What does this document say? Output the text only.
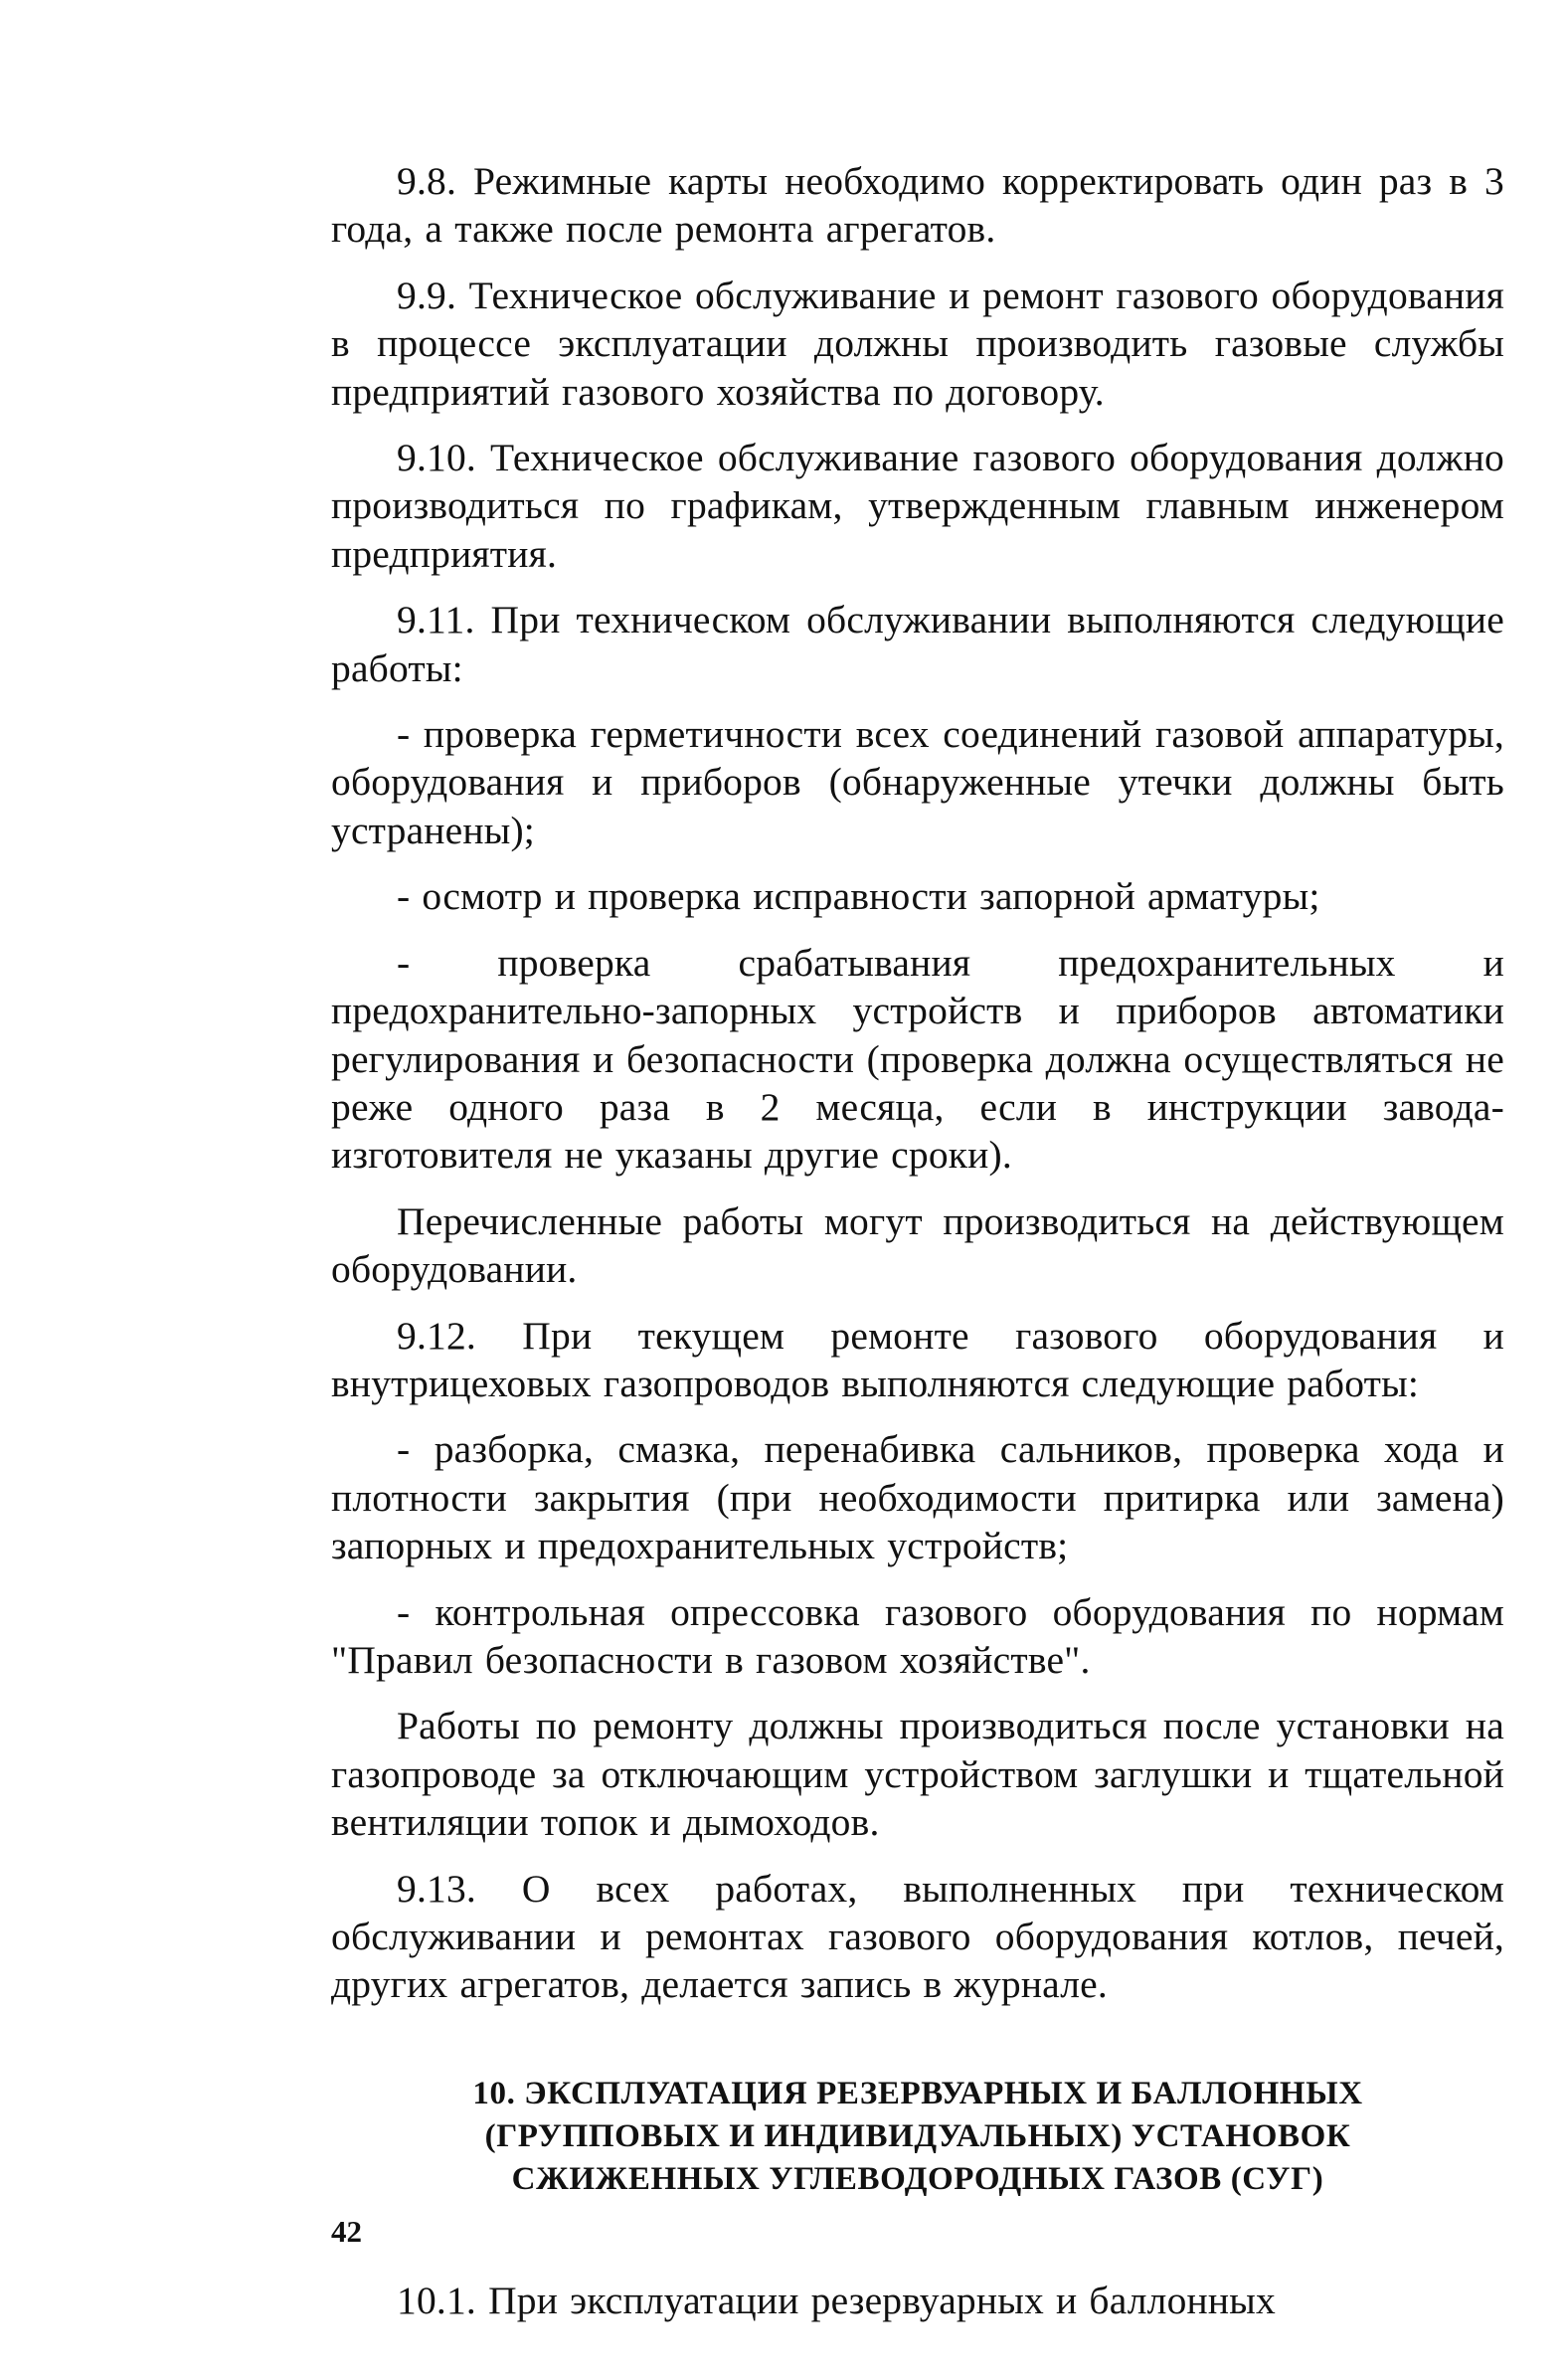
9.8. Режимные карты необходимо корректировать один раз в 3 года, а также после ремонта агрегатов.

9.9. Техническое обслуживание и ремонт газового оборудования в процессе эксплуатации должны производить газовые службы предприятий газового хозяйства по договору.

9.10. Техническое обслуживание газового оборудования должно производиться по графикам, утвержденным главным инженером предприятия.

9.11. При техническом обслуживании выполняются следующие работы:

- проверка герметичности всех соединений газовой аппаратуры, оборудования и приборов (обнаруженные утечки должны быть устранены);

- осмотр и проверка исправности запорной арматуры;

- проверка срабатывания предохранительных и предохранительно-запорных устройств и приборов автоматики регулирования и безопасности (проверка должна осуществляться не реже одного раза в 2 месяца, если в инструкции завода-изготовителя не указаны другие сроки).

Перечисленные работы могут производиться на действующем оборудовании.

9.12. При текущем ремонте газового оборудования и внутрицеховых газопроводов выполняются следующие работы:

- разборка, смазка, перенабивка сальников, проверка хода и плотности закрытия (при необходимости притирка или замена) запорных и предохранительных устройств;

- контрольная опрессовка газового оборудования по нормам "Правил безопасности в газовом хозяйстве".

Работы по ремонту должны производиться после установки на газопроводе за отключающим устройством заглушки и тщательной вентиляции топок и дымоходов.

9.13. О всех работах, выполненных при техническом обслуживании и ремонтах газового оборудования котлов, печей, других агрегатов, делается запись в журнале.

10. ЭКСПЛУАТАЦИЯ РЕЗЕРВУАРНЫХ И БАЛЛОННЫХ
(ГРУППОВЫХ И ИНДИВИДУАЛЬНЫХ) УСТАНОВОК
СЖИЖЕННЫХ УГЛЕВОДОРОДНЫХ ГАЗОВ (СУГ)

10.1. При эксплуатации резервуарных и баллонных

42
